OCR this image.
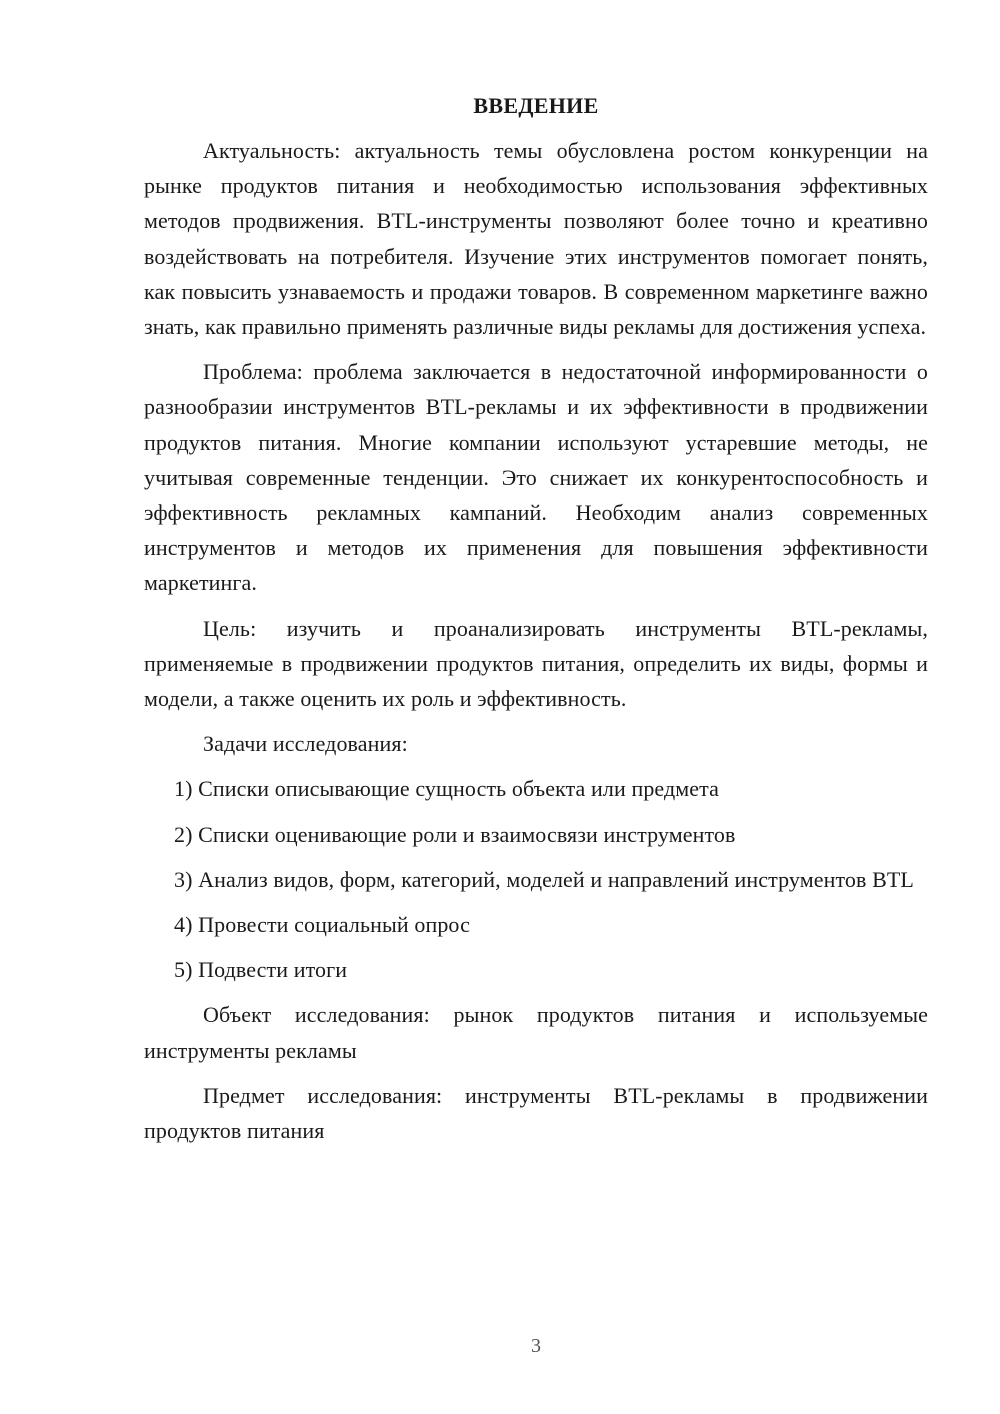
ВВЕДЕНИЕ

Актуальность: актуальность темы обусловлена ростом конкуренции на рынке продуктов питания и необходимостью использования эффективных методов продвижения. BTL-инструменты позволяют более точно и креативно воздействовать на потребителя. Изучение этих инструментов помогает понять, как повысить узнаваемость и продажи товаров. В современном маркетинге важно знать, как правильно применять различные виды рекламы для достижения успеха.

Проблема: проблема заключается в недостаточной информированности о разнообразии инструментов BTL-рекламы и их эффективности в продвижении продуктов питания. Многие компании используют устаревшие методы, не учитывая современные тенденции. Это снижает их конкурентоспособность и эффективность рекламных кампаний. Необходим анализ современных инструментов и методов их применения для повышения эффективности маркетинга.

Цель: изучить и проанализировать инструменты BTL-рекламы, применяемые в продвижении продуктов питания, определить их виды, формы и модели, а также оценить их роль и эффективность.

Задачи исследования:

1) Списки описывающие сущность объекта или предмета

2) Списки оценивающие роли и взаимосвязи инструментов

3) Анализ видов, форм, категорий, моделей и направлений инструментов BTL

4) Провести социальный опрос

5) Подвести итоги

Объект исследования: рынок продуктов питания и используемые инструменты рекламы

Предмет исследования: инструменты BTL-рекламы в продвижении продуктов питания

3
